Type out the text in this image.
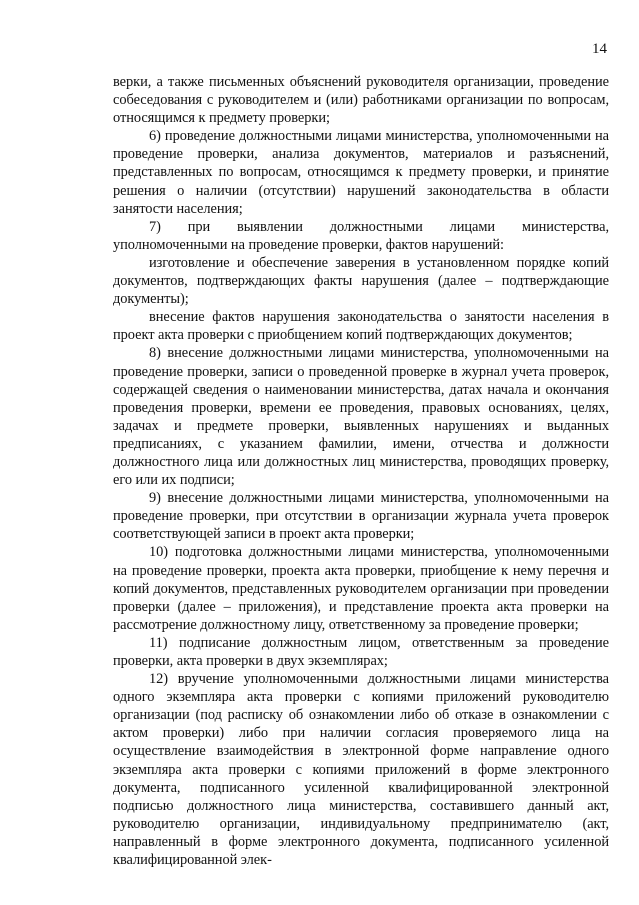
14

верки, а также письменных объяснений руководителя организации, проведение собеседования с руководителем и (или) работниками организации по вопросам, относящимся к предмету проверки;

6) проведение должностными лицами министерства, уполномоченными на проведение проверки, анализа документов, материалов и разъяснений, представленных по вопросам, относящимся к предмету проверки, и принятие решения о наличии (отсутствии) нарушений законодательства в области занятости населения;

7) при выявлении должностными лицами министерства, уполномоченными на проведение проверки, фактов нарушений:

изготовление и обеспечение заверения в установленном порядке копий документов, подтверждающих факты нарушения (далее – подтверждающие документы);

внесение фактов нарушения законодательства о занятости населения в проект акта проверки с приобщением копий подтверждающих документов;

8) внесение должностными лицами министерства, уполномоченными на проведение проверки, записи о проведенной проверке в журнал учета проверок, содержащей сведения о наименовании министерства, датах начала и окончания проведения проверки, времени ее проведения, правовых основаниях, целях, задачах и предмете проверки, выявленных нарушениях и выданных предписаниях, с указанием фамилии, имени, отчества и должности должностного лица или должностных лиц министерства, проводящих проверку, его или их подписи;

9) внесение должностными лицами министерства, уполномоченными на проведение проверки, при отсутствии в организации журнала учета проверок соответствующей записи в проект акта проверки;

10) подготовка должностными лицами министерства, уполномоченными на проведение проверки, проекта акта проверки, приобщение к нему перечня и копий документов, представленных руководителем организации при проведении проверки (далее – приложения), и представление проекта акта проверки на рассмотрение должностному лицу, ответственному за проведение проверки;

11) подписание должностным лицом, ответственным за проведение проверки, акта проверки в двух экземплярах;

12) вручение уполномоченными должностными лицами министерства одного экземпляра акта проверки с копиями приложений руководителю организации (под расписку об ознакомлении либо об отказе в ознакомлении с актом проверки) либо при наличии согласия проверяемого лица на осуществление взаимодействия в электронной форме направление одного экземпляра акта проверки с копиями приложений в форме электронного документа, подписанного усиленной квалифицированной электронной подписью должностного лица министерства, составившего данный акт, руководителю организации, индивидуальному предпринимателю (акт, направленный в форме электронного документа, подписанного усиленной квалифицированной элек-
